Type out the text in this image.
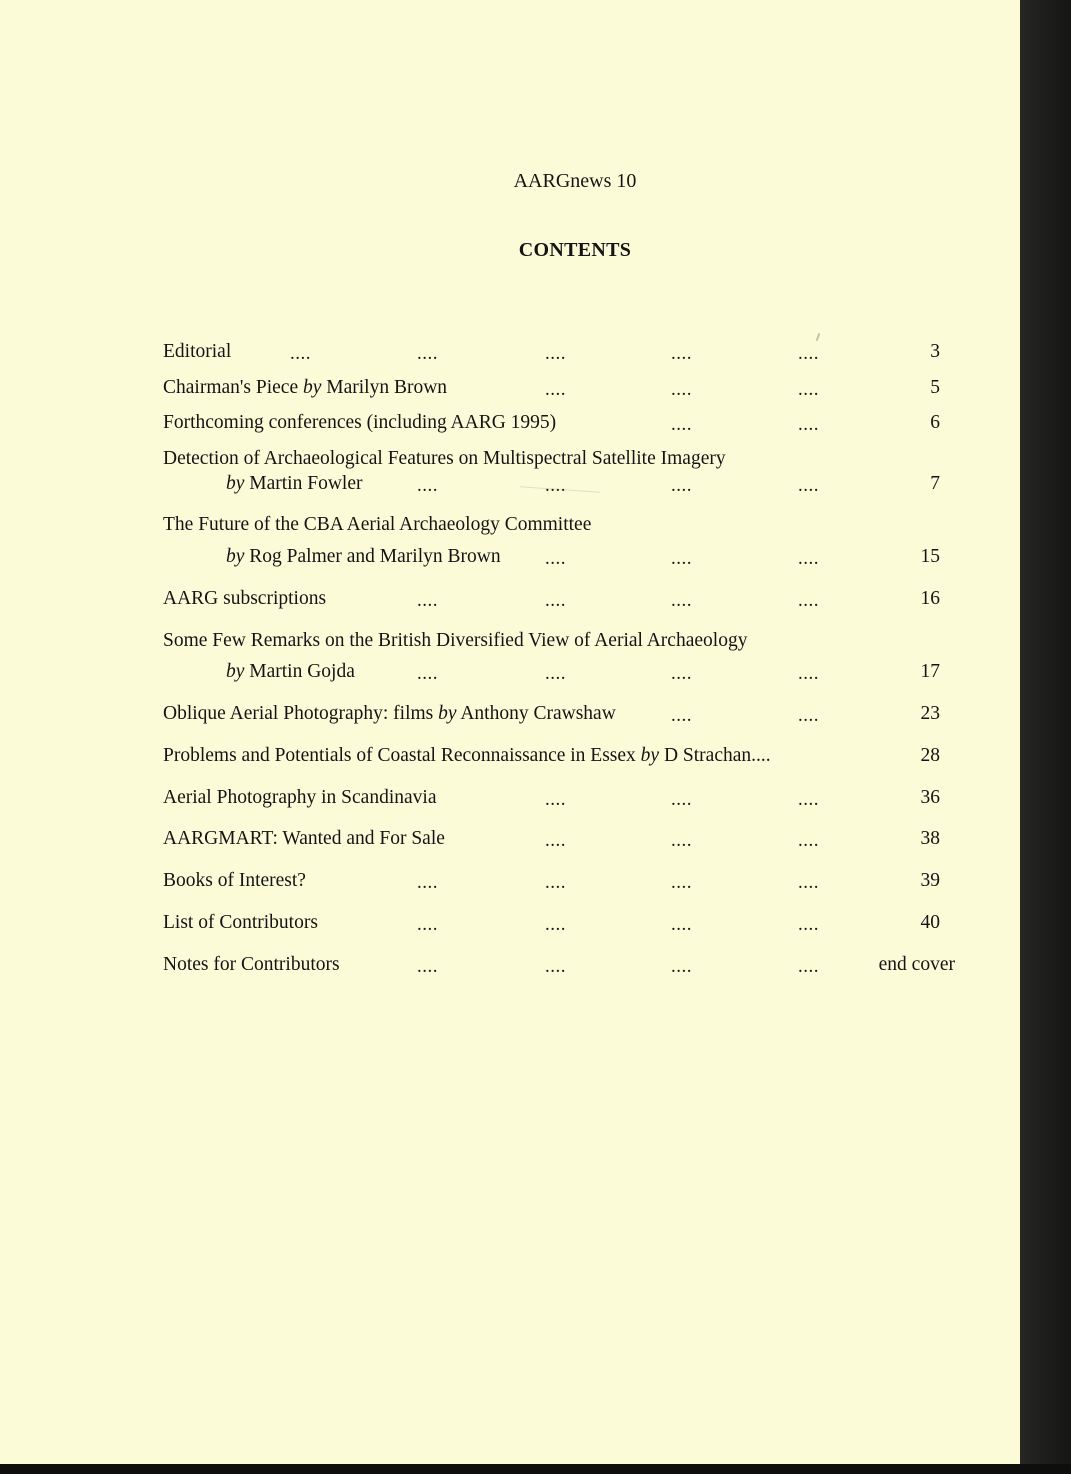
AARGnews 10
CONTENTS
Editorial	....	....	....	....	....	3
Chairman's Piece by Marilyn Brown	....	....	....	5
Forthcoming conferences (including AARG 1995)	....	....	6
Detection of Archaeological Features on Multispectral Satellite Imagery
by Martin Fowler	....	....	....	....	7
The Future of the CBA Aerial Archaeology Committee
by Rog Palmer and Marilyn Brown ....	....	....	15
AARG subscriptions	....	....	....	....	16
Some Few Remarks on the British Diversified View of Aerial Archaeology
by Martin Gojda	....	....	....	....	17
Oblique Aerial Photography: films by Anthony Crawshaw	....	....	23
Problems and Potentials of Coastal Reconnaissance in Essex by D Strachan....	28
Aerial Photography in Scandinavia	....	....	....	36
AARGMART: Wanted and For Sale	....	....	....	38
Books of Interest?	....	....	....	....	39
List of Contributors	....	....	....	....	40
Notes for Contributors	....	....	....	....	end cover
